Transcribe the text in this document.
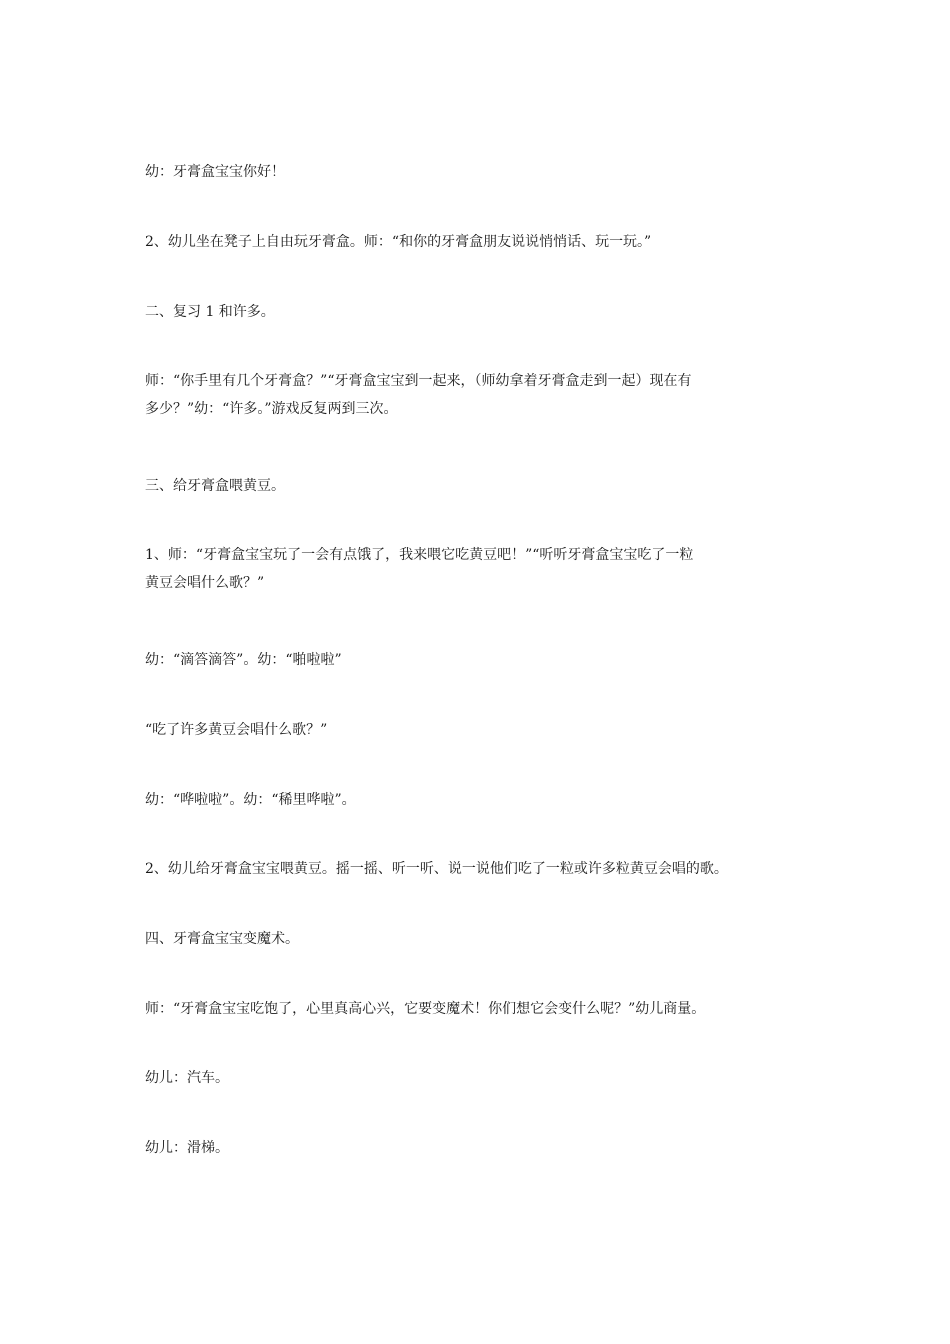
幼：牙膏盒宝宝你好！

2、幼儿坐在凳子上自由玩牙膏盒。师：“和你的牙膏盒朋友说说悄悄话、玩一玩。”

二、复习 1 和许多。

师：“你手里有几个牙膏盒？”“牙膏盒宝宝到一起来，（师幼拿着牙膏盒走到一起）现在有
多少？”幼：“许多。”游戏反复两到三次。

三、给牙膏盒喂黄豆。

1、师：“牙膏盒宝宝玩了一会有点饿了，我来喂它吃黄豆吧！”“听听牙膏盒宝宝吃了一粒
黄豆会唱什么歌？”

幼：“滴答滴答”。幼：“啪啦啦”

“吃了许多黄豆会唱什么歌？”

幼：“哗啦啦”。幼：“稀里哗啦”。

2、幼儿给牙膏盒宝宝喂黄豆。摇一摇、听一听、说一说他们吃了一粒或许多粒黄豆会唱的歌。

四、牙膏盒宝宝变魔术。

师：“牙膏盒宝宝吃饱了，心里真高心兴，它要变魔术！你们想它会变什么呢？”幼儿商量。

幼儿：汽车。

幼儿：滑梯。
